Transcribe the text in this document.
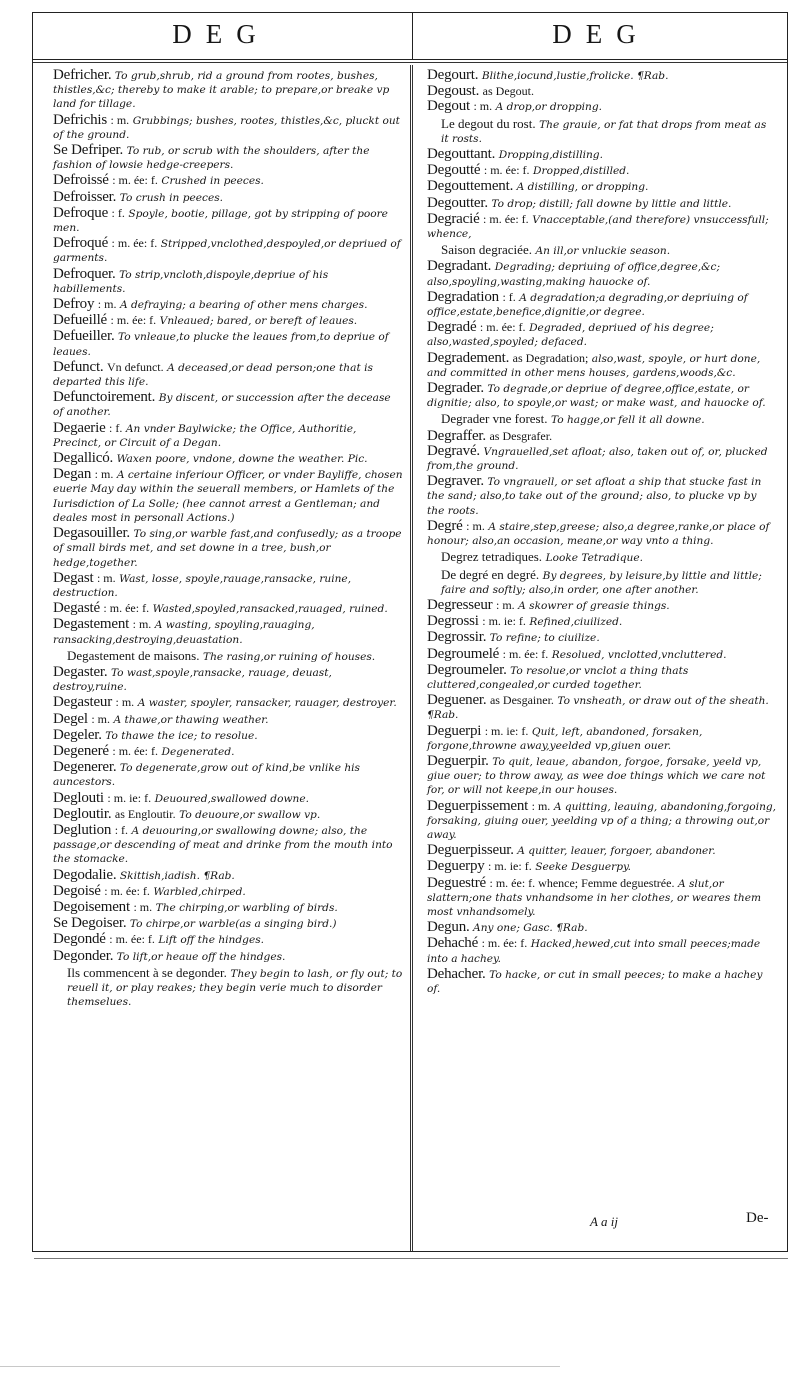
DEG	DEG
Defricher. To grub,shrub, rid a ground from rootes, bushes, thistles,&c; thereby to make it arable; to prepare,or breake vp land for tillage.
Defrichis : m. Grubbings; bushes, rootes, thistles,&c, pluckt out of the ground.
Se Defriper. To rub, or scrub with the shoulders, after the fashion of lowsie hedge-creepers.
Defroissé : m. ée: f. Crushed in peeces.
Defroisser. To crush in peeces.
Defroque : f. Spoyle, bootie, pillage, got by stripping of poore men.
Defroqué : m. ée: f. Stripped,vnclothed,despoyled,or depriued of garments.
Defroquer. To strip,vncloth,dispoyle,depriue of his habillements.
Defroy : m. A defraying; a bearing of other mens charges.
Defueillé : m. ée: f. Vnleaued; bared, or bereft of leaues.
Defueiller. To vnleaue,to plucke the leaues from,to depriue of leaues.
Defunct. Vn defunct. A deceased,or dead person;one that is departed this life.
Defunctoirement. By discent, or succession after the decease of another.
Degaerie : f. An vnder Baylwicke; the Office, Authoritie, Precinct, or Circuit of a Degan.
Degallicó. Waxen poore, vndone, downe the weather. Pic.
Degan : m. A certaine inferiour Officer, or vnder Bayliffe, chosen euerie May day within the seuerall members, or Hamlets of the Iurisdiction of La Solle; (hee cannot arrest a Gentleman; and deales most in personall Actions.)
Degasouiller. To sing,or warble fast,and confusedly; as a troope of small birds met, and set downe in a tree, bush,or hedge,together.
Degast : m. Wast, losse, spoyle,rauage,ransacke, ruine, destruction.
Degasté : m. ée: f. Wasted,spoyled,ransacked,rauaged, ruined.
Degastement : m. A wasting, spoyling,rauaging, ransacking,destroying,deuastation.
Degastement de maisons. The rasing,or ruining of houses.
Degaster. To wast,spoyle,ransacke, rauage, deuast, destroy,ruine.
Degasteur : m. A waster, spoyler, ransacker, rauager, destroyer.
Degel : m. A thawe,or thawing weather.
Degeler. To thawe the ice; to resolue.
Degeneré : m. ée: f. Degenerated.
Degenerer. To degenerate,grow out of kind,be vnlike his auncestors.
Deglouti : m. ie: f. Deuoured,swallowed downe.
Degloutir. as Engloutir. To deuoure,or swallow vp.
Deglution : f. A deuouring,or swallowing downe; also, the passage,or descending of meat and drinke from the mouth into the stomacke.
Degodalie. Skittish,iadish. ¶Rab.
Degoisé : m. ée: f. Warbled,chirped.
Degoisement : m. The chirping,or warbling of birds.
Se Degoiser. To chirpe,or warble(as a singing bird.)
Degondé : m. ée: f. Lift off the hindges.
Degonder. To lift,or heaue off the hindges.
Ils commencent à se degonder. They begin to lash, or fly out; to reuell it, or play reakes; they begin verie much to disorder themselues.
Degourt. Blithe,iocund,lustie,frolicke. ¶Rab.
Degoust. as Degout.
Degout : m. A drop,or dropping.
Le degout du rost. The grauie, or fat that drops from meat as it rosts.
Degouttant. Dropping,distilling.
Degoutté : m. ée: f. Dropped,distilled.
Degouttement. A distilling, or dropping.
Degoutter. To drop; distill; fall downe by little and little.
Degracié : m. ée: f. Vnacceptable,(and therefore) vnsuccessfull; whence,
Saison degraciée. An ill,or vnluckie season.
Degradant. Degrading; depriuing of office,degree,&c; also,spoyling,wasting,making hauocke of.
Degradation : f. A degradation;a degrading,or depriuing of office,estate,benefice,dignitie,or degree.
Degradé : m. ée: f. Degraded, depriued of his degree; also,wasted,spoyled; defaced.
Degradement. as Degradation; also,wast, spoyle, or hurt done, and committed in other mens houses, gardens,woods,&c.
Degrader. To degrade,or depriue of degree,office,estate, or dignitie; also, to spoyle,or wast; or make wast, and hauocke of.
Degrader vne forest. To hagge,or fell it all downe.
Degraffer. as Desgrafer.
Degravé. Vngrauelled,set afloat; also, taken out of, or, plucked from,the ground.
Degraver. To vngrauell, or set afloat a ship that stucke fast in the sand; also,to take out of the ground; also, to plucke vp by the roots.
Degré : m. A staire,step,greese; also,a degree,ranke,or place of honour; also,an occasion, meane,or way vnto a thing.
Degrez tetradiques. Looke Tetradique.
De degré en degré. By degrees, by leisure,by little and little; faire and softly; also,in order, one after another.
Degresseur : m. A skowrer of greasie things.
Degrossi : m. ie: f. Refined,ciuilized.
Degrossir. To refine; to ciuilize.
Degroumelé : m. ée: f. Resolued, vnclotted,vncluttered.
Degroumeler. To resolue,or vnclot a thing thats cluttered,congealed,or curded together.
Deguener. as Desgainer. To vnsheath, or draw out of the sheath. ¶Rab.
Deguerpi : m. ie: f. Quit, left, abandoned, forsaken, forgone,throwne away,yeelded vp,giuen ouer.
Deguerpir. To quit, leaue, abandon, forgoe, forsake, yeeld vp, giue ouer; to throw away, as wee doe things which we care not for, or will not keepe,in our houses.
Deguerpissement : m. A quitting, leauing, abandoning,forgoing, forsaking, giuing ouer, yeelding vp of a thing; a throwing out,or away.
Deguerpisseur. A quitter, leauer, forgoer, abandoner.
Deguerpy : m. ie: f. Seeke Desguerpy.
Deguestré : m. ée: f. whence; Femme deguestrée. A slut,or slattern;one thats vnhandsome in her clothes, or weares them most vnhandsomely.
Degun. Any one; Gasc. ¶Rab.
Dehaché : m. ée: f. Hacked,hewed,cut into small peeces;made into a hachey.
Dehacher. To hacke, or cut in small peeces; to make a hachey of.
A a ij	De-
